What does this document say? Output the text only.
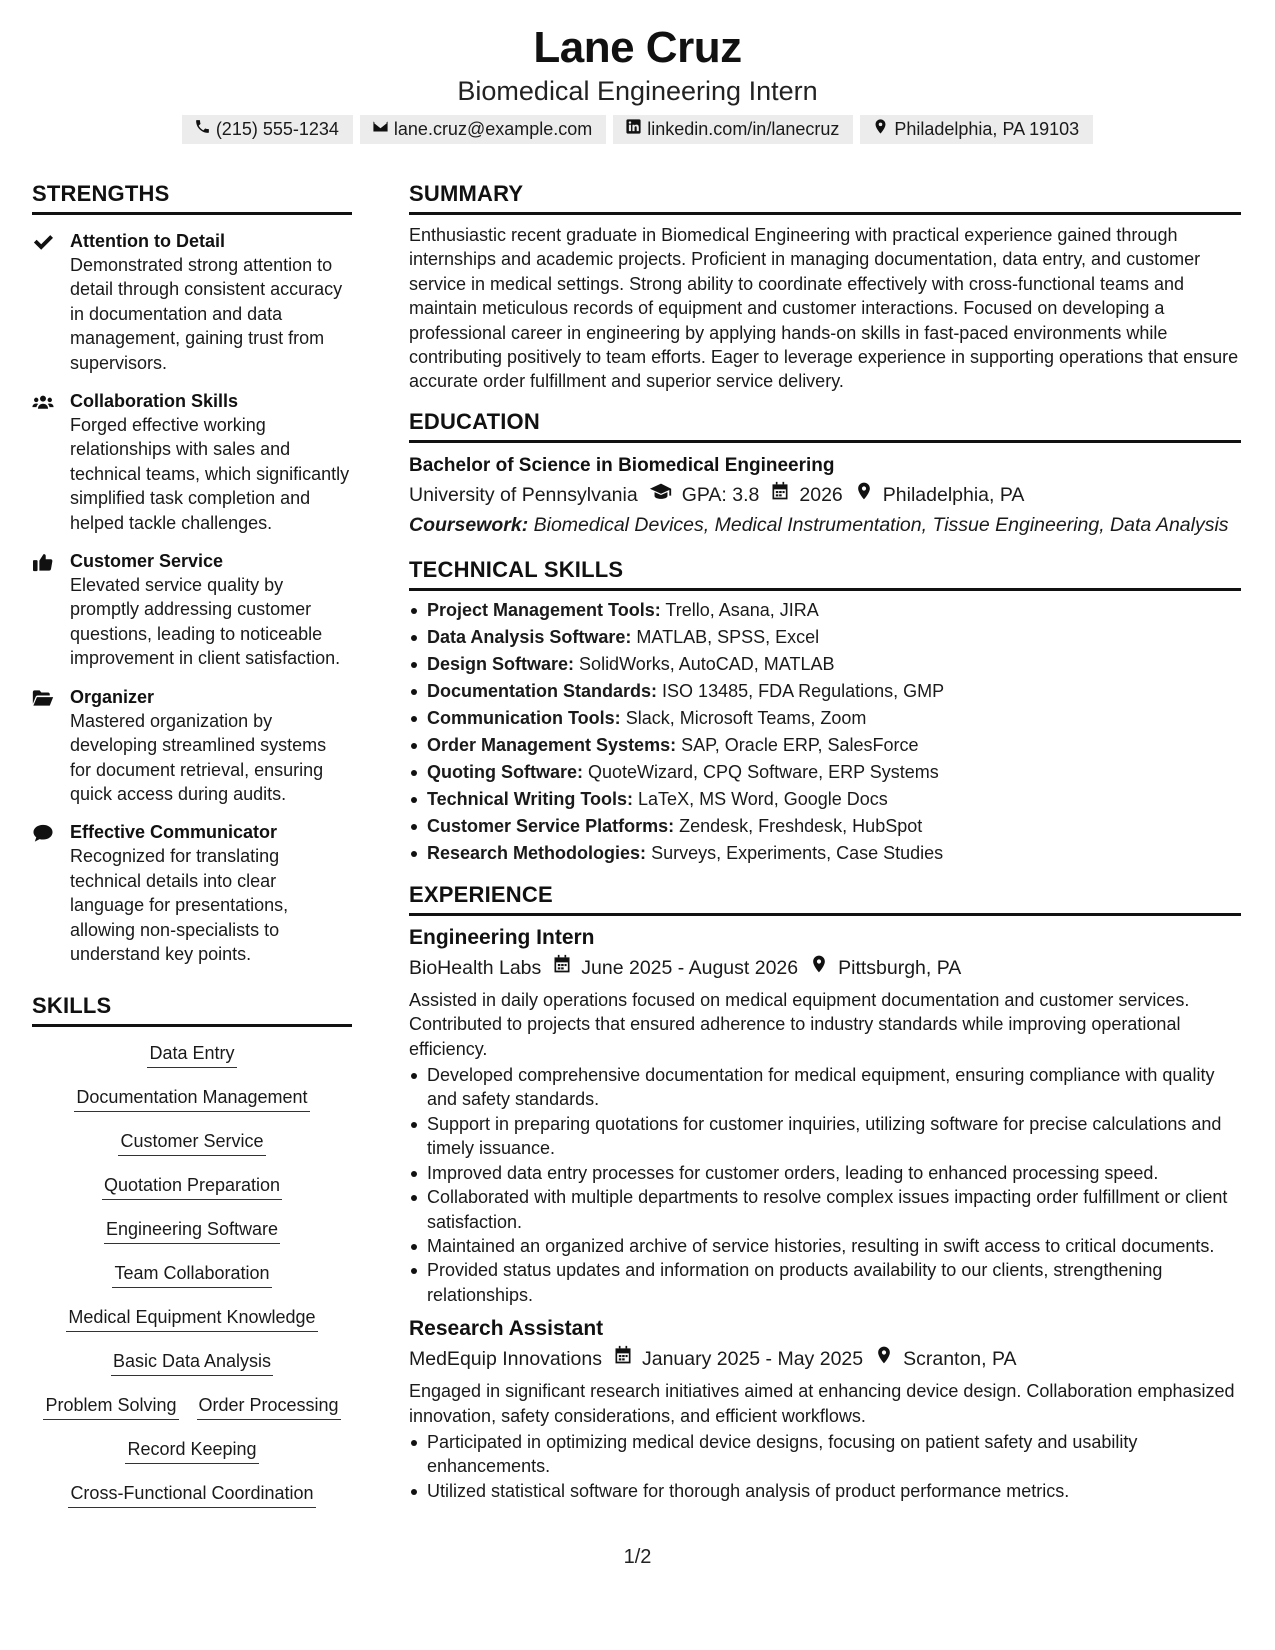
Lane Cruz
Biomedical Engineering Intern
(215) 555-1234	lane.cruz@example.com	linkedin.com/in/lanecruz	Philadelphia, PA 19103
STRENGTHS
Attention to Detail
Demonstrated strong attention to detail through consistent accuracy in documentation and data management, gaining trust from supervisors.
Collaboration Skills
Forged effective working relationships with sales and technical teams, which significantly simplified task completion and helped tackle challenges.
Customer Service
Elevated service quality by promptly addressing customer questions, leading to noticeable improvement in client satisfaction.
Organizer
Mastered organization by developing streamlined systems for document retrieval, ensuring quick access during audits.
Effective Communicator
Recognized for translating technical details into clear language for presentations, allowing non-specialists to understand key points.
SKILLS
Data Entry
Documentation Management
Customer Service
Quotation Preparation
Engineering Software
Team Collaboration
Medical Equipment Knowledge
Basic Data Analysis
Problem Solving Order Processing
Record Keeping
Cross-Functional Coordination
SUMMARY
Enthusiastic recent graduate in Biomedical Engineering with practical experience gained through internships and academic projects. Proficient in managing documentation, data entry, and customer service in medical settings. Strong ability to coordinate effectively with cross-functional teams and maintain meticulous records of equipment and customer interactions. Focused on developing a professional career in engineering by applying hands-on skills in fast-paced environments while contributing positively to team efforts. Eager to leverage experience in supporting operations that ensure accurate order fulfillment and superior service delivery.
EDUCATION
Bachelor of Science in Biomedical Engineering
University of Pennsylvania GPA: 3.8 2026 Philadelphia, PA
Coursework: Biomedical Devices, Medical Instrumentation, Tissue Engineering, Data Analysis
TECHNICAL SKILLS
Project Management Tools: Trello, Asana, JIRA
Data Analysis Software: MATLAB, SPSS, Excel
Design Software: SolidWorks, AutoCAD, MATLAB
Documentation Standards: ISO 13485, FDA Regulations, GMP
Communication Tools: Slack, Microsoft Teams, Zoom
Order Management Systems: SAP, Oracle ERP, SalesForce
Quoting Software: QuoteWizard, CPQ Software, ERP Systems
Technical Writing Tools: LaTeX, MS Word, Google Docs
Customer Service Platforms: Zendesk, Freshdesk, HubSpot
Research Methodologies: Surveys, Experiments, Case Studies
EXPERIENCE
Engineering Intern
BioHealth Labs June 2025 - August 2026 Pittsburgh, PA
Assisted in daily operations focused on medical equipment documentation and customer services. Contributed to projects that ensured adherence to industry standards while improving operational efficiency.
Developed comprehensive documentation for medical equipment, ensuring compliance with quality and safety standards.
Support in preparing quotations for customer inquiries, utilizing software for precise calculations and timely issuance.
Improved data entry processes for customer orders, leading to enhanced processing speed.
Collaborated with multiple departments to resolve complex issues impacting order fulfillment or client satisfaction.
Maintained an organized archive of service histories, resulting in swift access to critical documents.
Provided status updates and information on products availability to our clients, strengthening relationships.
Research Assistant
MedEquip Innovations January 2025 - May 2025 Scranton, PA
Engaged in significant research initiatives aimed at enhancing device design. Collaboration emphasized innovation, safety considerations, and efficient workflows.
Participated in optimizing medical device designs, focusing on patient safety and usability enhancements.
Utilized statistical software for thorough analysis of product performance metrics.
1/2
